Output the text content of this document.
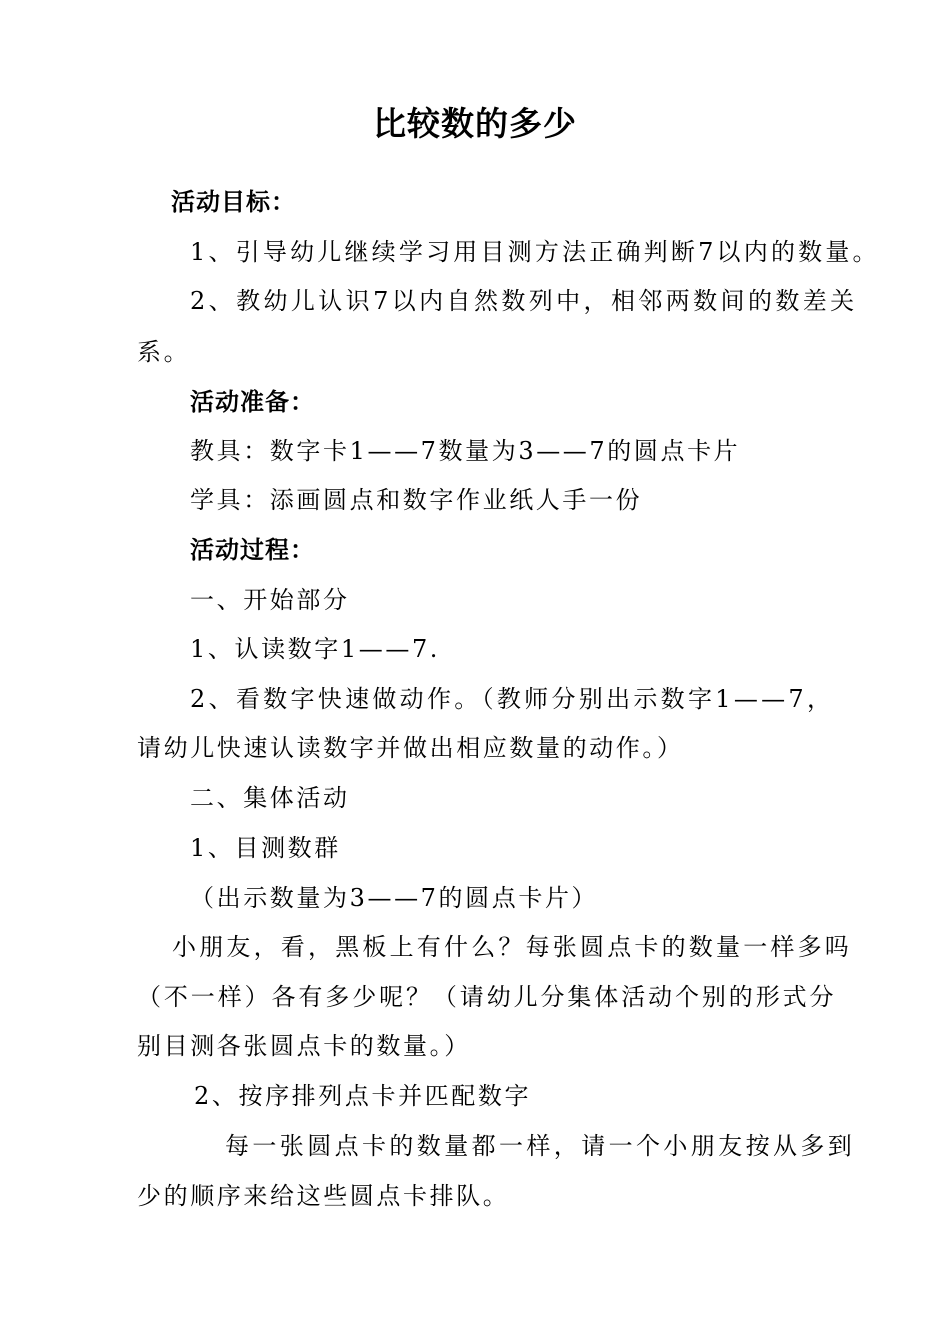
比较数的多少
活动目标：
1、引导幼儿继续学习用目测方法正确判断7以内的数量。
2、教幼儿认识7以内自然数列中，相邻两数间的数差关
系。
活动准备：
教具：数字卡1——7数量为3——7的圆点卡片
学具：添画圆点和数字作业纸人手一份
活动过程：
一、开始部分
1、认读数字1——7.
2、看数字快速做动作。（教师分别出示数字1——7，
请幼儿快速认读数字并做出相应数量的动作。）
二、集体活动
1、目测数群
（出示数量为3——7的圆点卡片）
小朋友，看，黑板上有什么？每张圆点卡的数量一样多吗
（不一样）各有多少呢？（请幼儿分集体活动个别的形式分
别目测各张圆点卡的数量。）
2、按序排列点卡并匹配数字
每一张圆点卡的数量都一样，请一个小朋友按从多到
少的顺序来给这些圆点卡排队。
